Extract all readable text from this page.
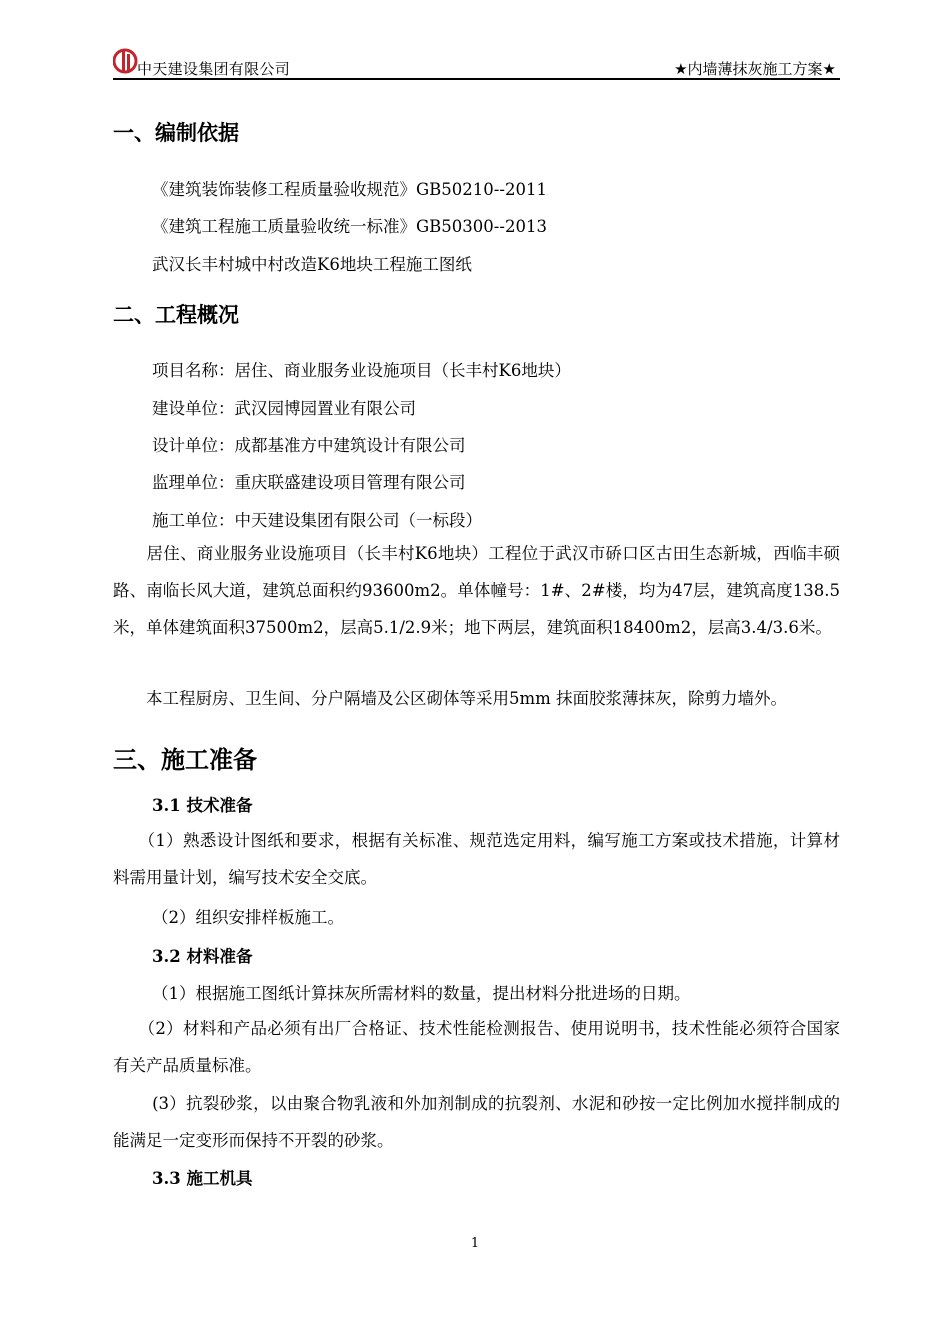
中天建设集团有限公司	★内墙薄抹灰施工方案★
一、编制依据
《建筑装饰装修工程质量验收规范》GB50210--2011
《建筑工程施工质量验收统一标准》GB50300--2013
武汉长丰村城中村改造K6地块工程施工图纸
二、工程概况
项目名称：居住、商业服务业设施项目（长丰村K6地块）
建设单位：武汉园博园置业有限公司
设计单位：成都基准方中建筑设计有限公司
监理单位：重庆联盛建设项目管理有限公司
施工单位：中天建设集团有限公司（一标段）
　　居住、商业服务业设施项目（长丰村K6地块）工程位于武汉市硚口区古田生态新城，西临丰硕路、南临长风大道，建筑总面积约93600m2。单体幢号：1#、2#楼，均为47层，建筑高度138.5米，单体建筑面积37500m2，层高5.1/2.9米；地下两层，建筑面积18400m2，层高3.4/3.6米。
　　本工程厨房、卫生间、分户隔墙及公区砌体等采用5mm 抹面胶浆薄抹灰，除剪力墙外。
三、施工准备
3.1 技术准备
　　（1）熟悉设计图纸和要求，根据有关标准、规范选定用料，编写施工方案或技术措施，计算材料需用量计划，编写技术安全交底。
（2）组织安排样板施工。
3.2 材料准备
（1）根据施工图纸计算抹灰所需材料的数量，提出材料分批进场的日期。
　　（2）材料和产品必须有出厂合格证、技术性能检测报告、使用说明书，技术性能必须符合国家有关产品质量标准。
　　 (3）抗裂砂浆，以由聚合物乳液和外加剂制成的抗裂剂、水泥和砂按一定比例加水搅拌制成的能满足一定变形而保持不开裂的砂浆。
3.3 施工机具
1
